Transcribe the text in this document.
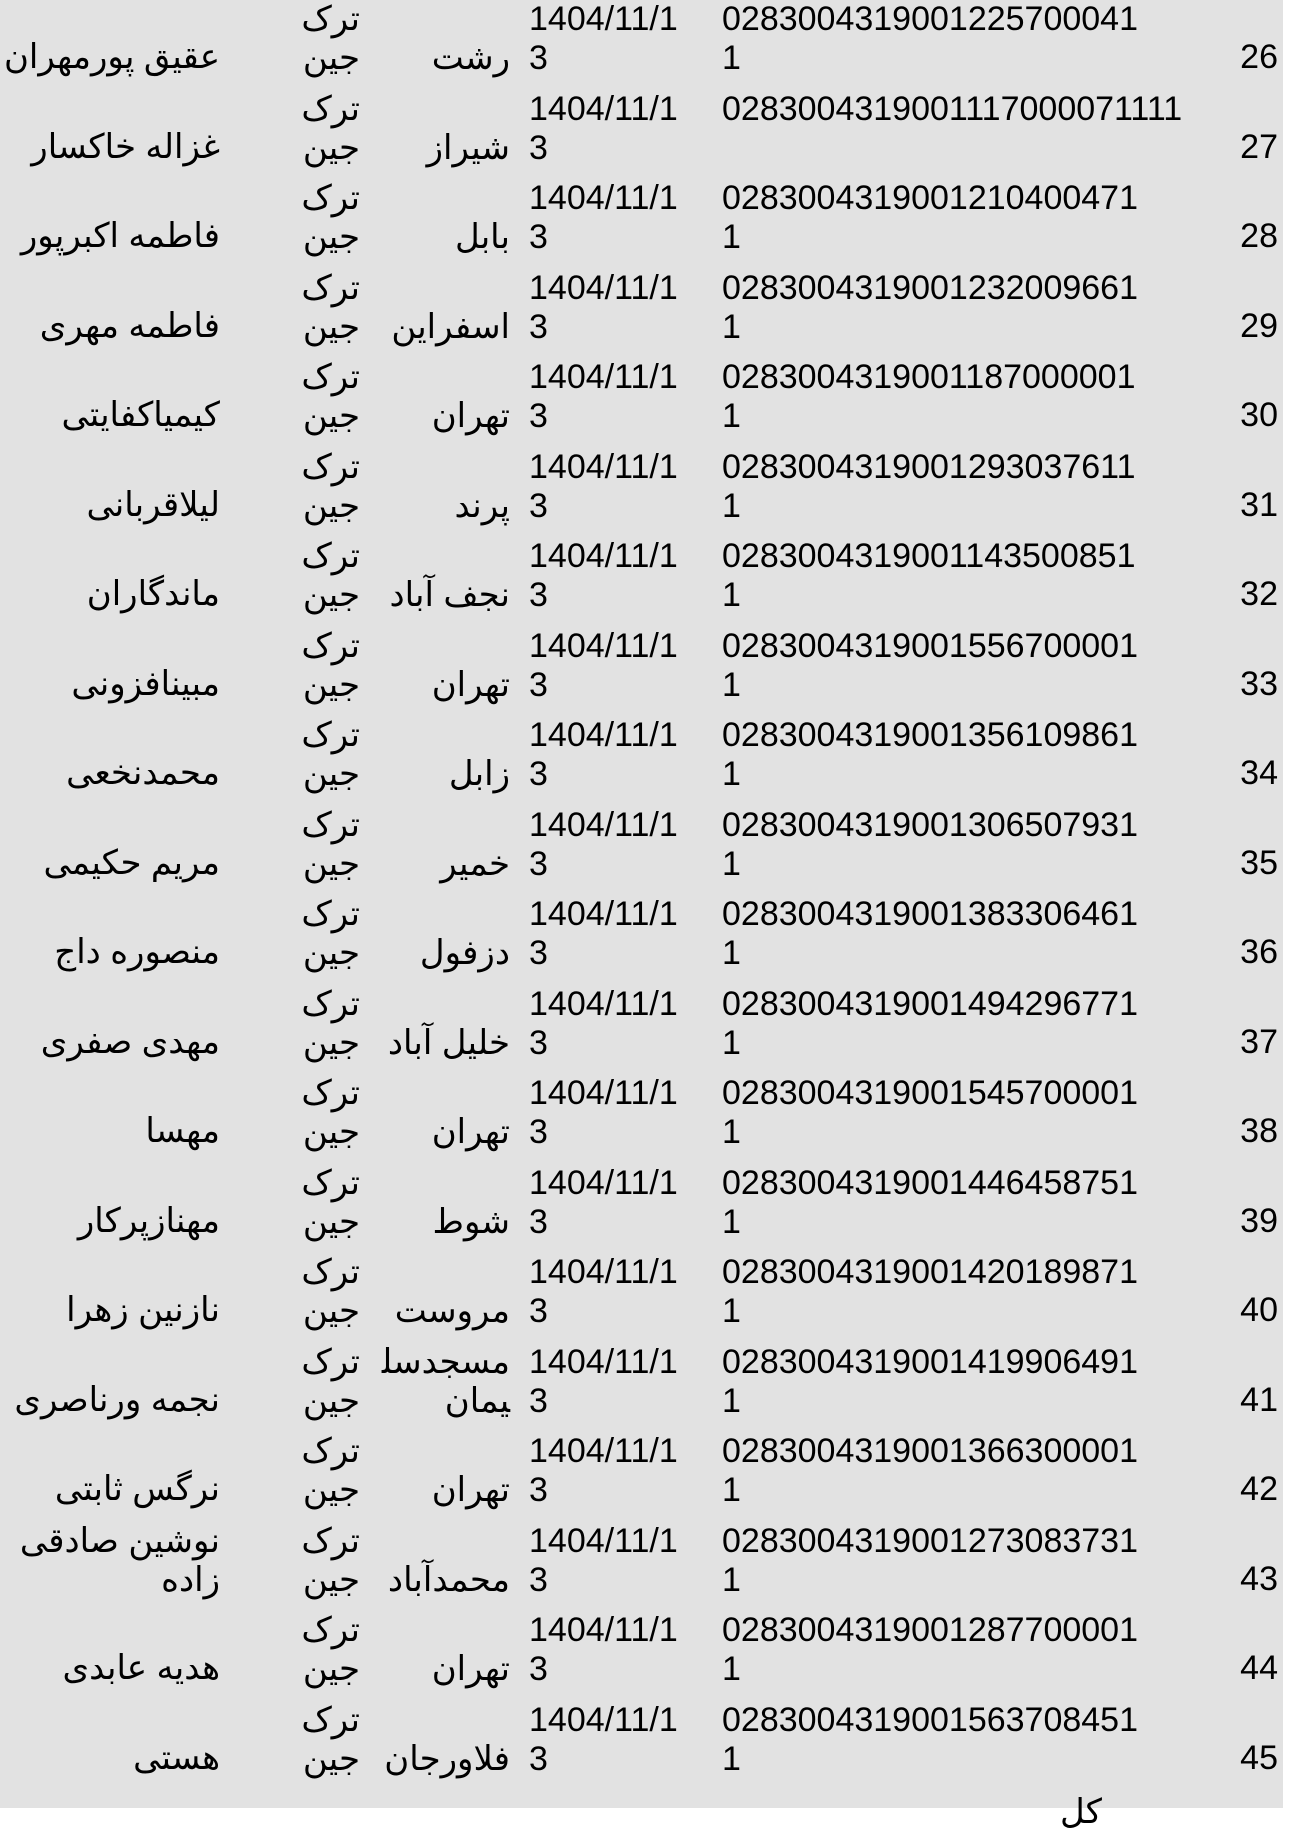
26
0283004319001225700041
1
1404/11/1
3
رشت
ترک
جین
عقیق پورمهران
27
0283004319001117000071111
1404/11/1
3
شیراز
ترک
جین
غزاله خاکسار
28
0283004319001210400471
1
1404/11/1
3
بابل
ترک
جین
فاطمه اکبرپور
29
0283004319001232009661
1
1404/11/1
3
اسفراین
ترک
جین
فاطمه مهری
30
0283004319001187000001
1
1404/11/1
3
تهران
ترک
جین
کیمیاکفایتی
31
0283004319001293037611
1
1404/11/1
3
پرند
ترک
جین
لیلاقربانی
32
0283004319001143500851
1
1404/11/1
3
نجف آباد
ترک
جین
ماندگاران
33
0283004319001556700001
1
1404/11/1
3
تهران
ترک
جین
مبینافزونی
34
0283004319001356109861
1
1404/11/1
3
زابل
ترک
جین
محمدنخعی
35
0283004319001306507931
1
1404/11/1
3
خمیر
ترک
جین
مریم حکیمی
36
0283004319001383306461
1
1404/11/1
3
دزفول
ترک
جین
منصوره داج
37
0283004319001494296771
1
1404/11/1
3
خلیل آباد
ترک
جین
مهدی صفری
38
0283004319001545700001
1
1404/11/1
3
تهران
ترک
جین
مهسا
39
0283004319001446458751
1
1404/11/1
3
شوط
ترک
جین
مهنازپرکار
40
0283004319001420189871
1
1404/11/1
3
مروست
ترک
جین
نازنین زهرا
41
0283004319001419906491
1
1404/11/1
3
مسجدسلیمان
ترک
جین
نجمه ورناصری
42
0283004319001366300001
1
1404/11/1
3
تهران
ترک
جین
نرگس ثابتی
43
0283004319001273083731
1
1404/11/1
3
محمدآباد
ترک
جین
نوشین صادقی زاده
44
0283004319001287700001
1
1404/11/1
3
تهران
ترک
جین
هدیه عابدی
45
0283004319001563708451
1
1404/11/1
3
فلاورجان
ترک
جین
هستی
کل
